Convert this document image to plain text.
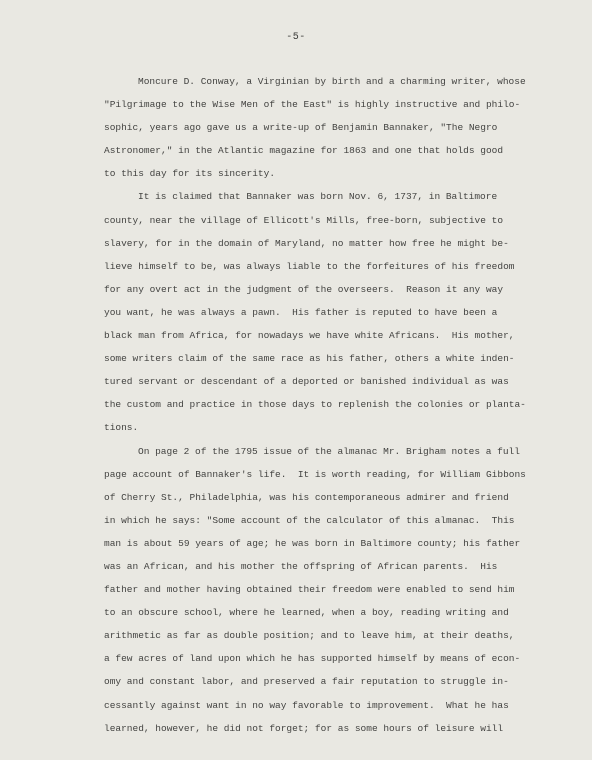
-5-
Moncure D. Conway, a Virginian by birth and a charming writer, whose
"Pilgrimage to the Wise Men of the East" is highly instructive and philo-
sophic, years ago gave us a write-up of Benjamin Bannaker, "The Negro
Astronomer," in the Atlantic magazine for 1863 and one that holds good
to this day for its sincerity.
It is claimed that Bannaker was born Nov. 6, 1737, in Baltimore
county, near the village of Ellicott's Mills, free-born, subjective to
slavery, for in the domain of Maryland, no matter how free he might be-
lieve himself to be, was always liable to the forfeitures of his freedom
for any overt act in the judgment of the overseers.  Reason it any way
you want, he was always a pawn.  His father is reputed to have been a
black man from Africa, for nowadays we have white Africans.  His mother,
some writers claim of the same race as his father, others a white inden-
tured servant or descendant of a deported or banished individual as was
the custom and practice in those days to replenish the colonies or planta-
tions.
On page 2 of the 1795 issue of the almanac Mr. Brigham notes a full
page account of Bannaker's life.  It is worth reading, for William Gibbons
of Cherry St., Philadelphia, was his contemporaneous admirer and friend
in which he says: "Some account of the calculator of this almanac.  This
man is about 59 years of age; he was born in Baltimore county; his father
was an African, and his mother the offspring of African parents.  His
father and mother having obtained their freedom were enabled to send him
to an obscure school, where he learned, when a boy, reading writing and
arithmetic as far as double position; and to leave him, at their deaths,
a few acres of land upon which he has supported himself by means of econ-
omy and constant labor, and preserved a fair reputation to struggle in-
cessantly against want in no way favorable to improvement.  What he has
learned, however, he did not forget; for as some hours of leisure will
